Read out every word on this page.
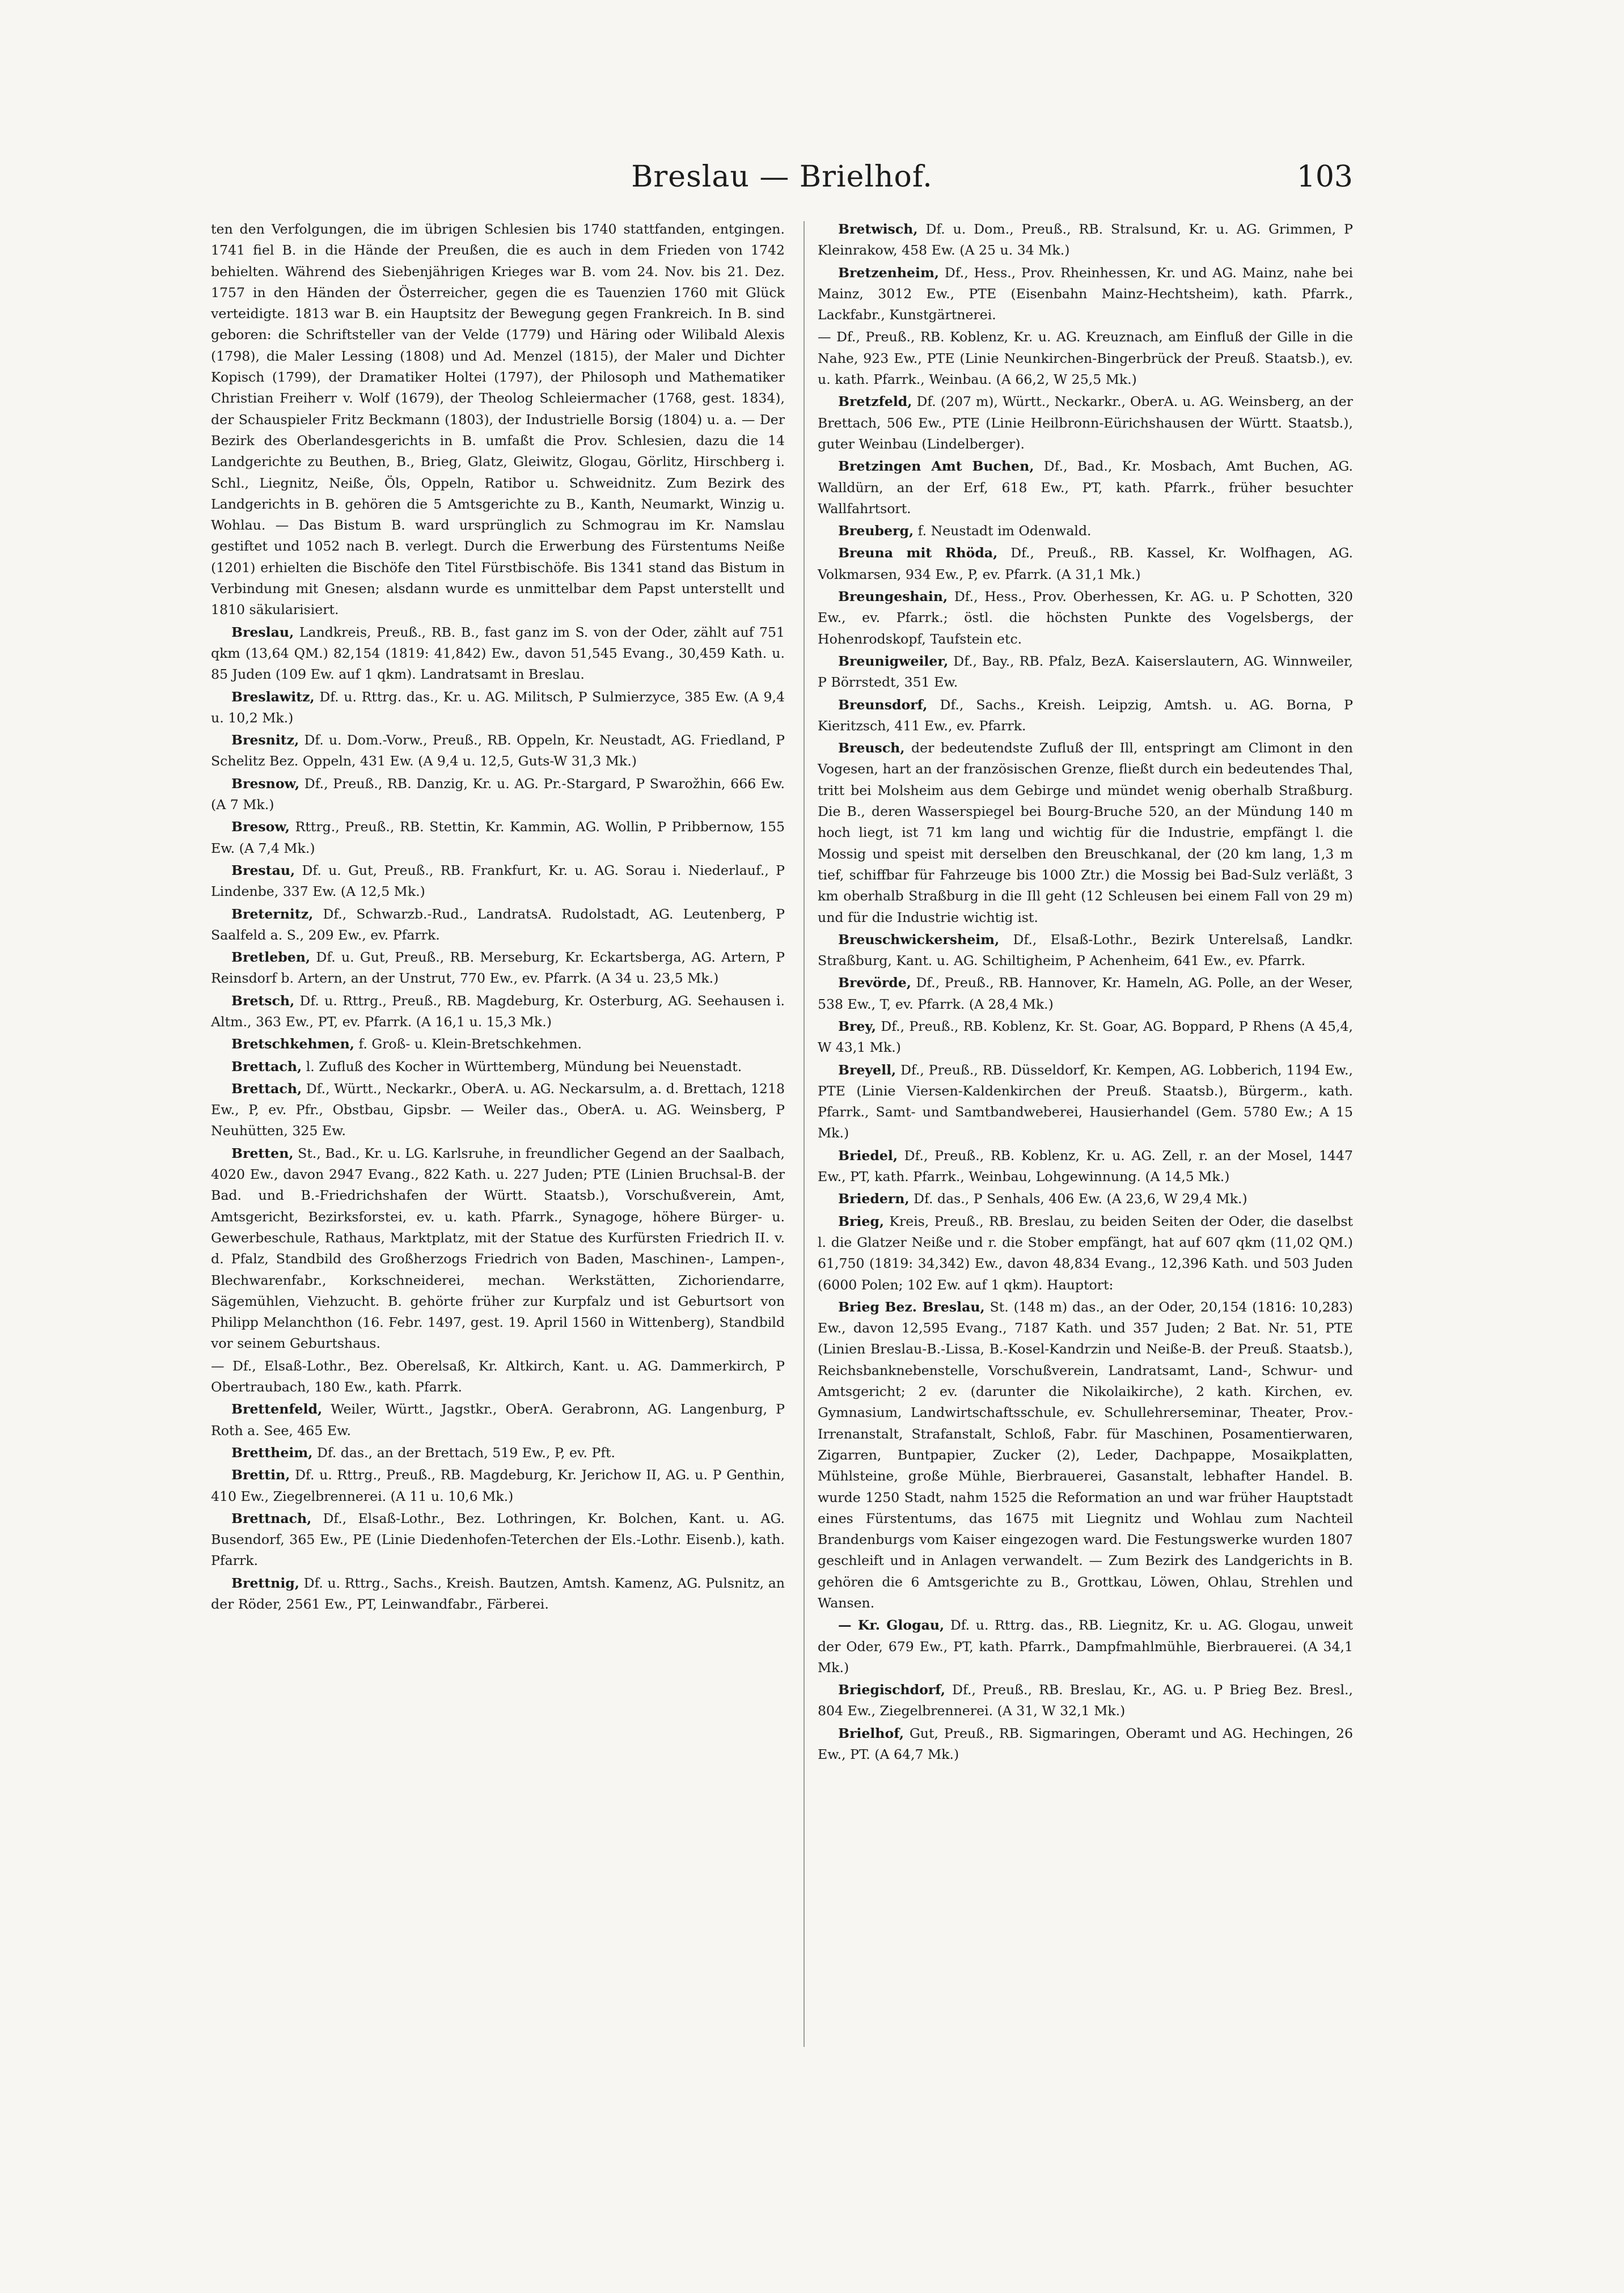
Breslau — Brielhof.	103

ten den Verfolgungen, die im übrigen Schlesien bis 1740 stattfanden, entgingen. 1741 fiel B. in die Hände der Preußen, die es auch in dem Frieden von 1742 behielten. Während des Siebenjährigen Krieges war B. vom 24. Nov. bis 21. Dez. 1757 in den Händen der Österreicher, gegen die es Tauenzien 1760 mit Glück verteidigte. 1813 war B. ein Hauptsitz der Bewegung gegen Frankreich. In B. sind geboren: die Schriftsteller van der Velde (1779) und Häring oder Wilibald Alexis (1798), die Maler Lessing (1808) und Ad. Menzel (1815), der Maler und Dichter Kopisch (1799), der Dramatiker Holtei (1797), der Philosoph und Mathematiker Christian Freiherr v. Wolf (1679), der Theolog Schleiermacher (1768, gest. 1834), der Schauspieler Fritz Beckmann (1803), der Industrielle Borsig (1804) u. a. — Der Bezirk des Oberlandesgerichts in B. umfaßt die Prov. Schlesien, dazu die 14 Landgerichte zu Beuthen, B., Brieg, Glatz, Gleiwitz, Glogau, Görlitz, Hirschberg i. Schl., Liegnitz, Neiße, Öls, Oppeln, Ratibor u. Schweidnitz. Zum Bezirk des Landgerichts in B. gehören die 5 Amtsgerichte zu B., Kanth, Neumarkt, Winzig u. Wohlau. — Das Bistum B. ward ursprünglich zu Schmograu im Kr. Namslau gestiftet und 1052 nach B. verlegt. Durch die Erwerbung des Fürstentums Neiße (1201) erhielten die Bischöfe den Titel Fürstbischöfe. Bis 1341 stand das Bistum in Verbindung mit Gnesen; alsdann wurde es unmittelbar dem Papst unterstellt und 1810 säkularisiert.

Breslau, Landkreis, Preuß., RB. B., fast ganz im S. von der Oder, zählt auf 751 qkm (13,64 QM.) 82,154 (1819: 41,842) Ew., davon 51,545 Evang., 30,459 Kath. u. 85 Juden (109 Ew. auf 1 qkm). Landratsamt in Breslau.

Breslawitz, Df. u. Rttrg. das., Kr. u. AG. Militsch, P Sulmierzyce, 385 Ew. (A 9,4 u. 10,2 Mk.)

Bresnitz, Df. u. Dom.-Vorw., Preuß., RB. Oppeln, Kr. Neustadt, AG. Friedland, P Schelitz Bez. Oppeln, 431 Ew. (A 9,4 u. 12,5, Guts-W 31,3 Mk.)

Bresnow, Df., Preuß., RB. Danzig, Kr. u. AG. Pr.-Stargard, P Swarožhin, 666 Ew. (A 7 Mk.)

Bresow, Rttrg., Preuß., RB. Stettin, Kr. Kammin, AG. Wollin, P Pribbernow, 155 Ew. (A 7,4 Mk.)

Brestau, Df. u. Gut, Preuß., RB. Frankfurt, Kr. u. AG. Sorau i. Niederlauf., P Lindenbe, 337 Ew. (A 12,5 Mk.)

Breternitz, Df., Schwarzb.-Rud., LandratsA. Rudolstadt, AG. Leutenberg, P Saalfeld a. S., 209 Ew., ev. Pfarrk.

Bretleben, Df. u. Gut, Preuß., RB. Merseburg, Kr. Eckartsberga, AG. Artern, P Reinsdorf b. Artern, an der Unstrut, 770 Ew., ev. Pfarrk. (A 34 u. 23,5 Mk.)

Bretsch, Df. u. Rttrg., Preuß., RB. Magdeburg, Kr. Osterburg, AG. Seehausen i. Altm., 363 Ew., PT, ev. Pfarrk. (A 16,1 u. 15,3 Mk.)

Bretschkehmen, f. Groß- u. Klein-Bretschkehmen.

Brettach, l. Zufluß des Kocher in Württemberg, Mündung bei Neuenstadt.

Brettach, Df., Württ., Neckarkr., OberA. u. AG. Neckarsulm, a. d. Brettach, 1218 Ew., P, ev. Pfr., Obstbau, Gipsbr. — Weiler das., OberA. u. AG. Weinsberg, P Neuhütten, 325 Ew.

Bretten, St., Bad., Kr. u. LG. Karlsruhe, in freundlicher Gegend an der Saalbach, 4020 Ew., davon 2947 Evang., 822 Kath. u. 227 Juden; PTE (Linien Bruchsal-B. der Bad. und B.-Friedrichshafen der Württ. Staatsb.), Vorschußverein, Amt, Amtsgericht, Bezirksforstei, ev. u. kath. Pfarrk., Synagoge, höhere Bürger- u. Gewerbeschule, Rathaus, Marktplatz, mit der Statue des Kurfürsten Friedrich II. v. d. Pfalz, Standbild des Großherzogs Friedrich von Baden, Maschinen-, Lampen-, Blechwarenfabr., Korkschneiderei, mechan. Werkstätten, Zichoriendarre, Sägemühlen, Viehzucht. B. gehörte früher zur Kurpfalz und ist Geburtsort von Philipp Melanchthon (16. Febr. 1497, gest. 19. April 1560 in Wittenberg), Standbild vor seinem Geburtshaus.

— Df., Elsaß-Lothr., Bez. Oberelsaß, Kr. Altkirch, Kant. u. AG. Dammerkirch, P Obertraubach, 180 Ew., kath. Pfarrk.

Brettenfeld, Weiler, Württ., Jagstkr., OberA. Gerabronn, AG. Langenburg, P Roth a. See, 465 Ew.

Brettheim, Df. das., an der Brettach, 519 Ew., P, ev. Pft.

Brettin, Df. u. Rttrg., Preuß., RB. Magdeburg, Kr. Jerichow II, AG. u. P Genthin, 410 Ew., Ziegelbrennerei. (A 11 u. 10,6 Mk.)

Brettnach, Df., Elsaß-Lothr., Bez. Lothringen, Kr. Bolchen, Kant. u. AG. Busendorf, 365 Ew., PE (Linie Diedenhofen-Teterchen der Els.-Lothr. Eisenb.), kath. Pfarrk.

Brettnig, Df. u. Rttrg., Sachs., Kreish. Bautzen, Amtsh. Kamenz, AG. Pulsnitz, an der Röder, 2561 Ew., PT, Leinwandfabr., Färberei.

Bretwisch, Df. u. Dom., Preuß., RB. Stralsund, Kr. u. AG. Grimmen, P Kleinrakow, 458 Ew. (A 25 u. 34 Mk.)

Bretzenheim, Df., Hess., Prov. Rheinhessen, Kr. und AG. Mainz, nahe bei Mainz, 3012 Ew., PTE (Eisenbahn Mainz-Hechtsheim), kath. Pfarrk., Lackfabr., Kunstgärtnerei.

— Df., Preuß., RB. Koblenz, Kr. u. AG. Kreuznach, am Einfluß der Gille in die Nahe, 923 Ew., PTE (Linie Neunkirchen-Bingerbrück der Preuß. Staatsb.), ev. u. kath. Pfarrk., Weinbau. (A 66,2, W 25,5 Mk.)

Bretzfeld, Df. (207 m), Württ., Neckarkr., OberA. u. AG. Weinsberg, an der Brettach, 506 Ew., PTE (Linie Heilbronn-Eürichshausen der Württ. Staatsb.), guter Weinbau (Lindelberger).

Bretzingen Amt Buchen, Df., Bad., Kr. Mosbach, Amt Buchen, AG. Walldürn, an der Erf, 618 Ew., PT, kath. Pfarrk., früher besuchter Wallfahrtsort.

Breuberg, f. Neustadt im Odenwald.

Breuna mit Rhöda, Df., Preuß., RB. Kassel, Kr. Wolfhagen, AG. Volkmarsen, 934 Ew., P, ev. Pfarrk. (A 31,1 Mk.)

Breungeshain, Df., Hess., Prov. Oberhessen, Kr. AG. u. P Schotten, 320 Ew., ev. Pfarrk.; östl. die höchsten Punkte des Vogelsbergs, der Hohenrodskopf, Taufstein etc.

Breunigweiler, Df., Bay., RB. Pfalz, BezA. Kaiserslautern, AG. Winnweiler, P Börrstedt, 351 Ew.

Breunsdorf, Df., Sachs., Kreish. Leipzig, Amtsh. u. AG. Borna, P Kieritzsch, 411 Ew., ev. Pfarrk.

Breusch, der bedeutendste Zufluß der Ill, entspringt am Climont in den Vogesen, hart an der französischen Grenze, fließt durch ein bedeutendes Thal, tritt bei Molsheim aus dem Gebirge und mündet wenig oberhalb Straßburg. Die B., deren Wasserspiegel bei Bourg-Bruche 520, an der Mündung 140 m hoch liegt, ist 71 km lang und wichtig für die Industrie, empfängt l. die Mossig und speist mit derselben den Breuschkanal, der (20 km lang, 1,3 m tief, schiffbar für Fahrzeuge bis 1000 Ztr.) die Mossig bei Bad-Sulz verläßt, 3 km oberhalb Straßburg in die Ill geht (12 Schleusen bei einem Fall von 29 m) und für die Industrie wichtig ist.

Breuschwickersheim, Df., Elsaß-Lothr., Bezirk Unterelsaß, Landkr. Straßburg, Kant. u. AG. Schiltigheim, P Achenheim, 641 Ew., ev. Pfarrk.

Brevörde, Df., Preuß., RB. Hannover, Kr. Hameln, AG. Polle, an der Weser, 538 Ew., T, ev. Pfarrk. (A 28,4 Mk.)

Brey, Df., Preuß., RB. Koblenz, Kr. St. Goar, AG. Boppard, P Rhens (A 45,4, W 43,1 Mk.)

Breyell, Df., Preuß., RB. Düsseldorf, Kr. Kempen, AG. Lobberich, 1194 Ew., PTE (Linie Viersen-Kaldenkirchen der Preuß. Staatsb.), Bürgerm., kath. Pfarrk., Samt- und Samtbandweberei, Hausierhandel (Gem. 5780 Ew.; A 15 Mk.)

Briedel, Df., Preuß., RB. Koblenz, Kr. u. AG. Zell, r. an der Mosel, 1447 Ew., PT, kath. Pfarrk., Weinbau, Lohgewinnung. (A 14,5 Mk.)

Briedern, Df. das., P Senhals, 406 Ew. (A 23,6, W 29,4 Mk.)

Brieg, Kreis, Preuß., RB. Breslau, zu beiden Seiten der Oder, die daselbst l. die Glatzer Neiße und r. die Stober empfängt, hat auf 607 qkm (11,02 QM.) 61,750 (1819: 34,342) Ew., davon 48,834 Evang., 12,396 Kath. und 503 Juden (6000 Polen; 102 Ew. auf 1 qkm). Hauptort:

Brieg Bez. Breslau, St. (148 m) das., an der Oder, 20,154 (1816: 10,283) Ew., davon 12,595 Evang., 7187 Kath. und 357 Juden; 2 Bat. Nr. 51, PTE (Linien Breslau-B.-Lissa, B.-Kosel-Kandrzin und Neiße-B. der Preuß. Staatsb.), Reichsbanknebenstelle, Vorschußverein, Landratsamt, Land-, Schwur- und Amtsgericht; 2 ev. (darunter die Nikolaikirche), 2 kath. Kirchen, ev. Gymnasium, Landwirtschaftsschule, ev. Schullehrerseminar, Theater, Prov.-Irrenanstalt, Strafanstalt, Schloß, Fabr. für Maschinen, Posamentierwaren, Zigarren, Buntpapier, Zucker (2), Leder, Dachpappe, Mosaikplatten, Mühlsteine, große Mühle, Bierbrauerei, Gasanstalt, lebhafter Handel. B. wurde 1250 Stadt, nahm 1525 die Reformation an und war früher Hauptstadt eines Fürstentums, das 1675 mit Liegnitz und Wohlau zum Nachteil Brandenburgs vom Kaiser eingezogen ward. Die Festungswerke wurden 1807 geschleift und in Anlagen verwandelt. — Zum Bezirk des Landgerichts in B. gehören die 6 Amtsgerichte zu B., Grottkau, Löwen, Ohlau, Strehlen und Wansen.

— Kr. Glogau, Df. u. Rttrg. das., RB. Liegnitz, Kr. u. AG. Glogau, unweit der Oder, 679 Ew., PT, kath. Pfarrk., Dampfmahlmühle, Bierbrauerei. (A 34,1 Mk.)

Briegischdorf, Df., Preuß., RB. Breslau, Kr., AG. u. P Brieg Bez. Bresl., 804 Ew., Ziegelbrennerei. (A 31, W 32,1 Mk.)

Brielhof, Gut, Preuß., RB. Sigmaringen, Oberamt und AG. Hechingen, 26 Ew., PT. (A 64,7 Mk.)
